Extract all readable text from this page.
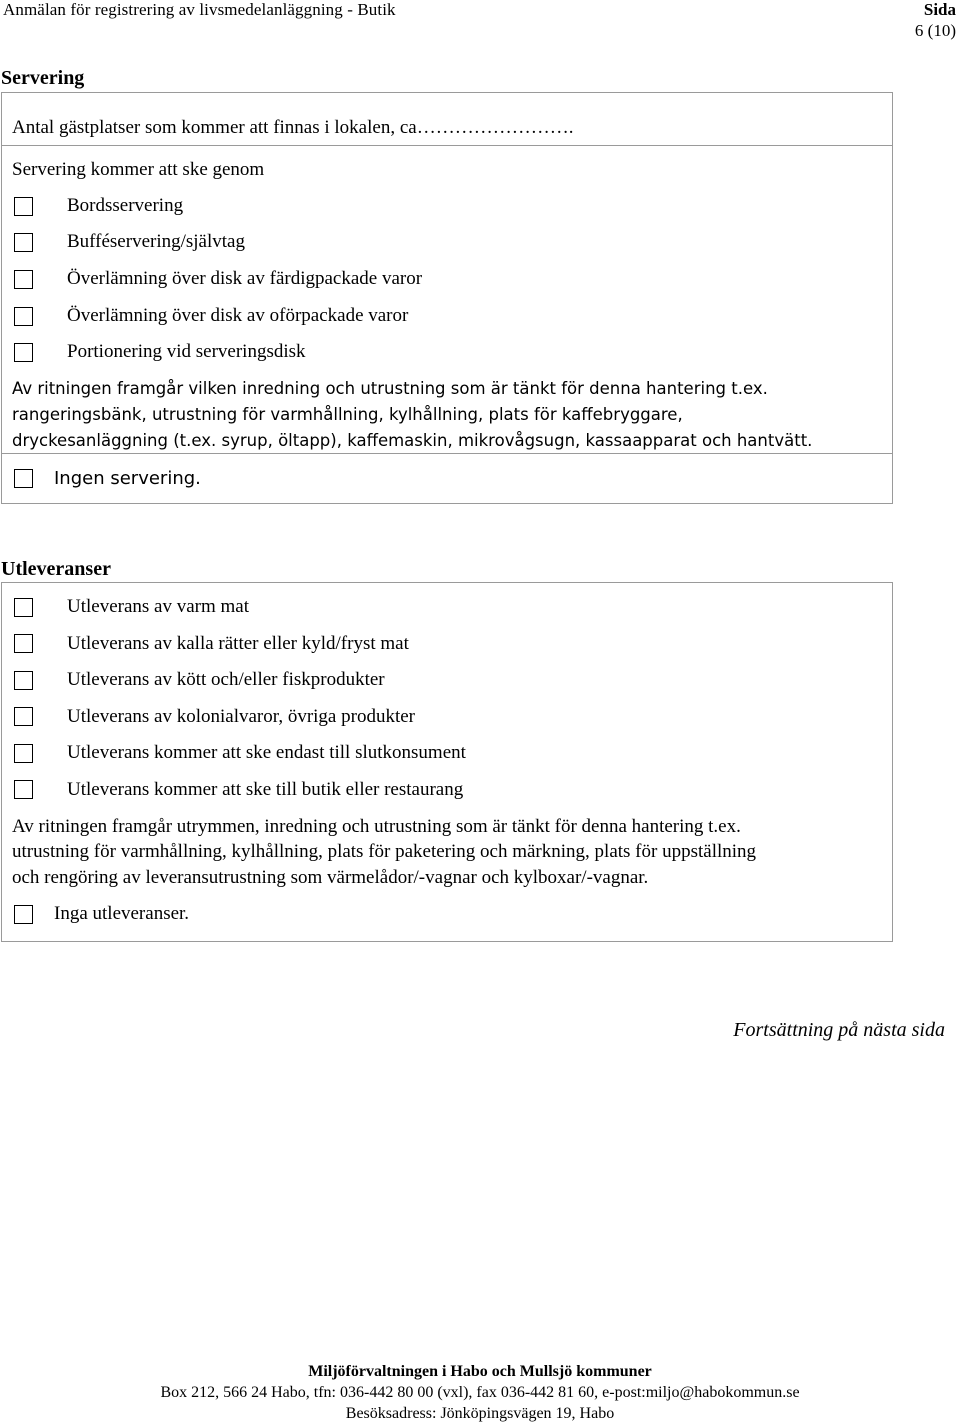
Anmälan för registrering av livsmedelanläggning - Butik	Sida
6 (10)
Servering
Antal gästplatser som kommer att finnas i lokalen, ca…………………….
Servering kommer att ske genom
Bordsservering
Bufféservering/självtag
Överlämning över disk av färdigpackade varor
Överlämning över disk av oförpackade varor
Portionering vid serveringsdisk
Av ritningen framgår vilken inredning och utrustning som är tänkt för denna hantering t.ex.
rangeringsbänk, utrustning för varmhållning, kylhållning, plats för kaffebryggare,
dryckesanläggning (t.ex. syrup, öltapp), kaffemaskin, mikrovågsugn, kassaapparat och hantvätt.
Ingen servering.
Utleveranser
Utleverans av varm mat
Utleverans av kalla rätter eller kyld/fryst mat
Utleverans av kött och/eller fiskprodukter
Utleverans av kolonialvaror, övriga produkter
Utleverans kommer att ske endast till slutkonsument
Utleverans kommer att ske till butik eller restaurang
Av ritningen framgår utrymmen, inredning och utrustning som är tänkt för denna hantering t.ex.
utrustning för varmhållning, kylhållning, plats för paketering och märkning, plats för uppställning
och rengöring av leveransutrustning som värmelådor/-vagnar och kylboxar/-vagnar.
Inga utleveranser.
Fortsättning på nästa sida
Miljöförvaltningen i Habo och Mullsjö kommuner
Box 212, 566 24 Habo, tfn: 036-442 80 00 (vxl), fax 036-442 81 60, e-post:miljo@habokommun.se
Besöksadress: Jönköpingsvägen 19, Habo
